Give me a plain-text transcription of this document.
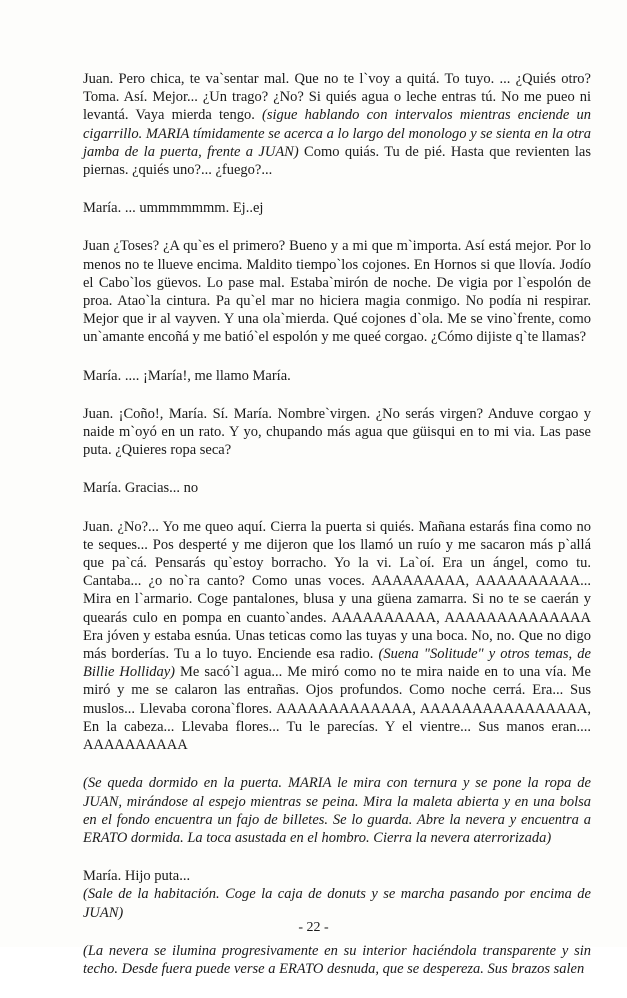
Juan. Pero chica, te va`sentar mal. Que no te l`voy a quitá. To tuyo. ... ¿Quiés otro? Toma. Así. Mejor... ¿Un trago? ¿No? Si quiés agua o leche entras tú. No me pueo ni levantá. Vaya mierda tengo. (sigue hablando con intervalos mientras enciende un cigarrillo. MARIA tímidamente se acerca a lo largo del monologo y se sienta en la otra jamba de la puerta, frente a JUAN) Como quiás. Tu de pié. Hasta que revienten las piernas. ¿quiés uno?... ¿fuego?...

María. ... ummmmmmm. Ej..ej

Juan ¿Toses? ¿A qu`es el primero? Bueno y a mi que m`importa. Así está mejor. Por lo menos no te llueve encima. Maldito tiempo`los cojones. En Hornos si que llovía. Jodío el Cabo`los güevos. Lo pase mal. Estaba`mirón de noche. De vigia por l`espolón de proa. Atao`la cintura. Pa qu`el mar no hiciera magia conmigo. No podía ni respirar. Mejor que ir al vayven. Y una ola`mierda. Qué cojones d`ola. Me se vino`frente, como un`amante encoñá y me batió`el espolón y me queé corgao. ¿Cómo dijiste q`te llamas?

María. .... ¡María!, me llamo María.

Juan. ¡Coño!, María. Sí. María. Nombre`virgen. ¿No serás virgen? Anduve corgao y naide m`oyó en un rato. Y yo, chupando más agua que güisqui en to mi via. Las pase puta. ¿Quieres ropa seca?

María. Gracias... no

Juan. ¿No?... Yo me queo aquí. Cierra la puerta si quiés. Mañana estarás fina como no te seques... Pos desperté y me dijeron que los llamó un ruío y me sacaron más p`allá que pa`cá. Pensarás qu`estoy borracho. Yo la vi. La`oí. Era un ángel, como tu. Cantaba... ¿o no`ra canto? Como unas voces. AAAAAAAAA, AAAAAAAAAA... Mira en l`armario. Coge pantalones, blusa y una güena zamarra. Si no te se caerán y quearás culo en pompa en cuanto`andes. AAAAAAAAAA, AAAAAAAAAAAAAA Era jóven y estaba esnúa. Unas teticas como las tuyas y una boca. No, no. Que no digo más borderías. Tu a lo tuyo. Enciende esa radio. (Suena "Solitude" y otros temas, de Billie Holliday) Me sacó`l agua... Me miró como no te mira naide en to una vía. Me miró y me se calaron las entrañas. Ojos profundos. Como noche cerrá. Era... Sus muslos... Llevaba corona`flores. AAAAAAAAAAAAA, AAAAAAAAAAAAAAAA, En la cabeza... Llevaba flores... Tu le parecías. Y el vientre... Sus manos eran.... AAAAAAAAAA

(Se queda dormido en la puerta. MARIA le mira con ternura y se pone la ropa de JUAN, mirándose al espejo mientras se peina. Mira la maleta abierta y en una bolsa en el fondo encuentra un fajo de billetes. Se lo guarda. Abre la nevera y encuentra a ERATO dormida. La toca asustada en el hombro. Cierra la nevera aterrorizada)

María. Hijo puta...

(Sale de la habitación. Coge la caja de donuts y se marcha pasando por encima de JUAN)

(La nevera se ilumina progresivamente en su interior haciéndola transparente y sin techo. Desde fuera puede verse a ERATO desnuda, que se despereza. Sus brazos salen

- 22 -
